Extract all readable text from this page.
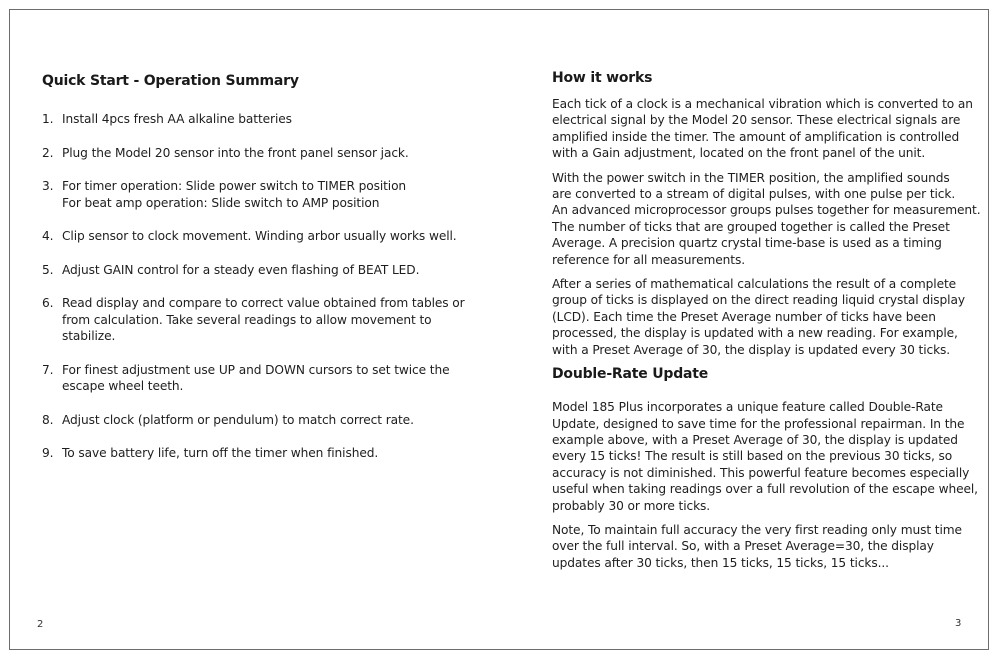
Quick Start - Operation Summary
1. Install 4pcs fresh AA alkaline batteries
2. Plug the Model 20 sensor into the front panel sensor jack.
3. For timer operation: Slide power switch to TIMER position
For beat amp operation: Slide switch to AMP position
4. Clip sensor to clock movement. Winding arbor usually works well.
5. Adjust GAIN control for a steady even flashing of BEAT LED.
6. Read display and compare to correct value obtained from tables or
from calculation. Take several readings to allow movement to
stabilize.
7. For finest adjustment use UP and DOWN cursors to set twice the
escape wheel teeth.
8. Adjust clock (platform or pendulum) to match correct rate.
9. To save battery life, turn off the timer when finished.
How it works

Each tick of a clock is a mechanical vibration which is converted to an
electrical signal by the Model 20 sensor. These electrical signals are
amplified inside the timer. The amount of amplification is controlled
with a Gain adjustment, located on the front panel of the unit.

With the power switch in the TIMER position, the amplified sounds
are converted to a stream of digital pulses, with one pulse per tick.
An advanced microprocessor groups pulses together for measurement.
The number of ticks that are grouped together is called the Preset
Average. A precision quartz crystal time-base is used as a timing
reference for all measurements.

After a series of mathematical calculations the result of a complete
group of ticks is displayed on the direct reading liquid crystal display
(LCD). Each time the Preset Average number of ticks have been
processed, the display is updated with a new reading. For example,
with a Preset Average of 30, the display is updated every 30 ticks.

Double-Rate Update

Model 185 Plus incorporates a unique feature called Double-Rate
Update, designed to save time for the professional repairman. In the
example above, with a Preset Average of 30, the display is updated
every 15 ticks! The result is still based on the previous 30 ticks, so
accuracy is not diminished. This powerful feature becomes especially
useful when taking readings over a full revolution of the escape wheel,
probably 30 or more ticks.

Note, To maintain full accuracy the very first reading only must time
over the full interval. So, with a Preset Average=30, the display
updates after 30 ticks, then 15 ticks, 15 ticks, 15 ticks...

2	3
